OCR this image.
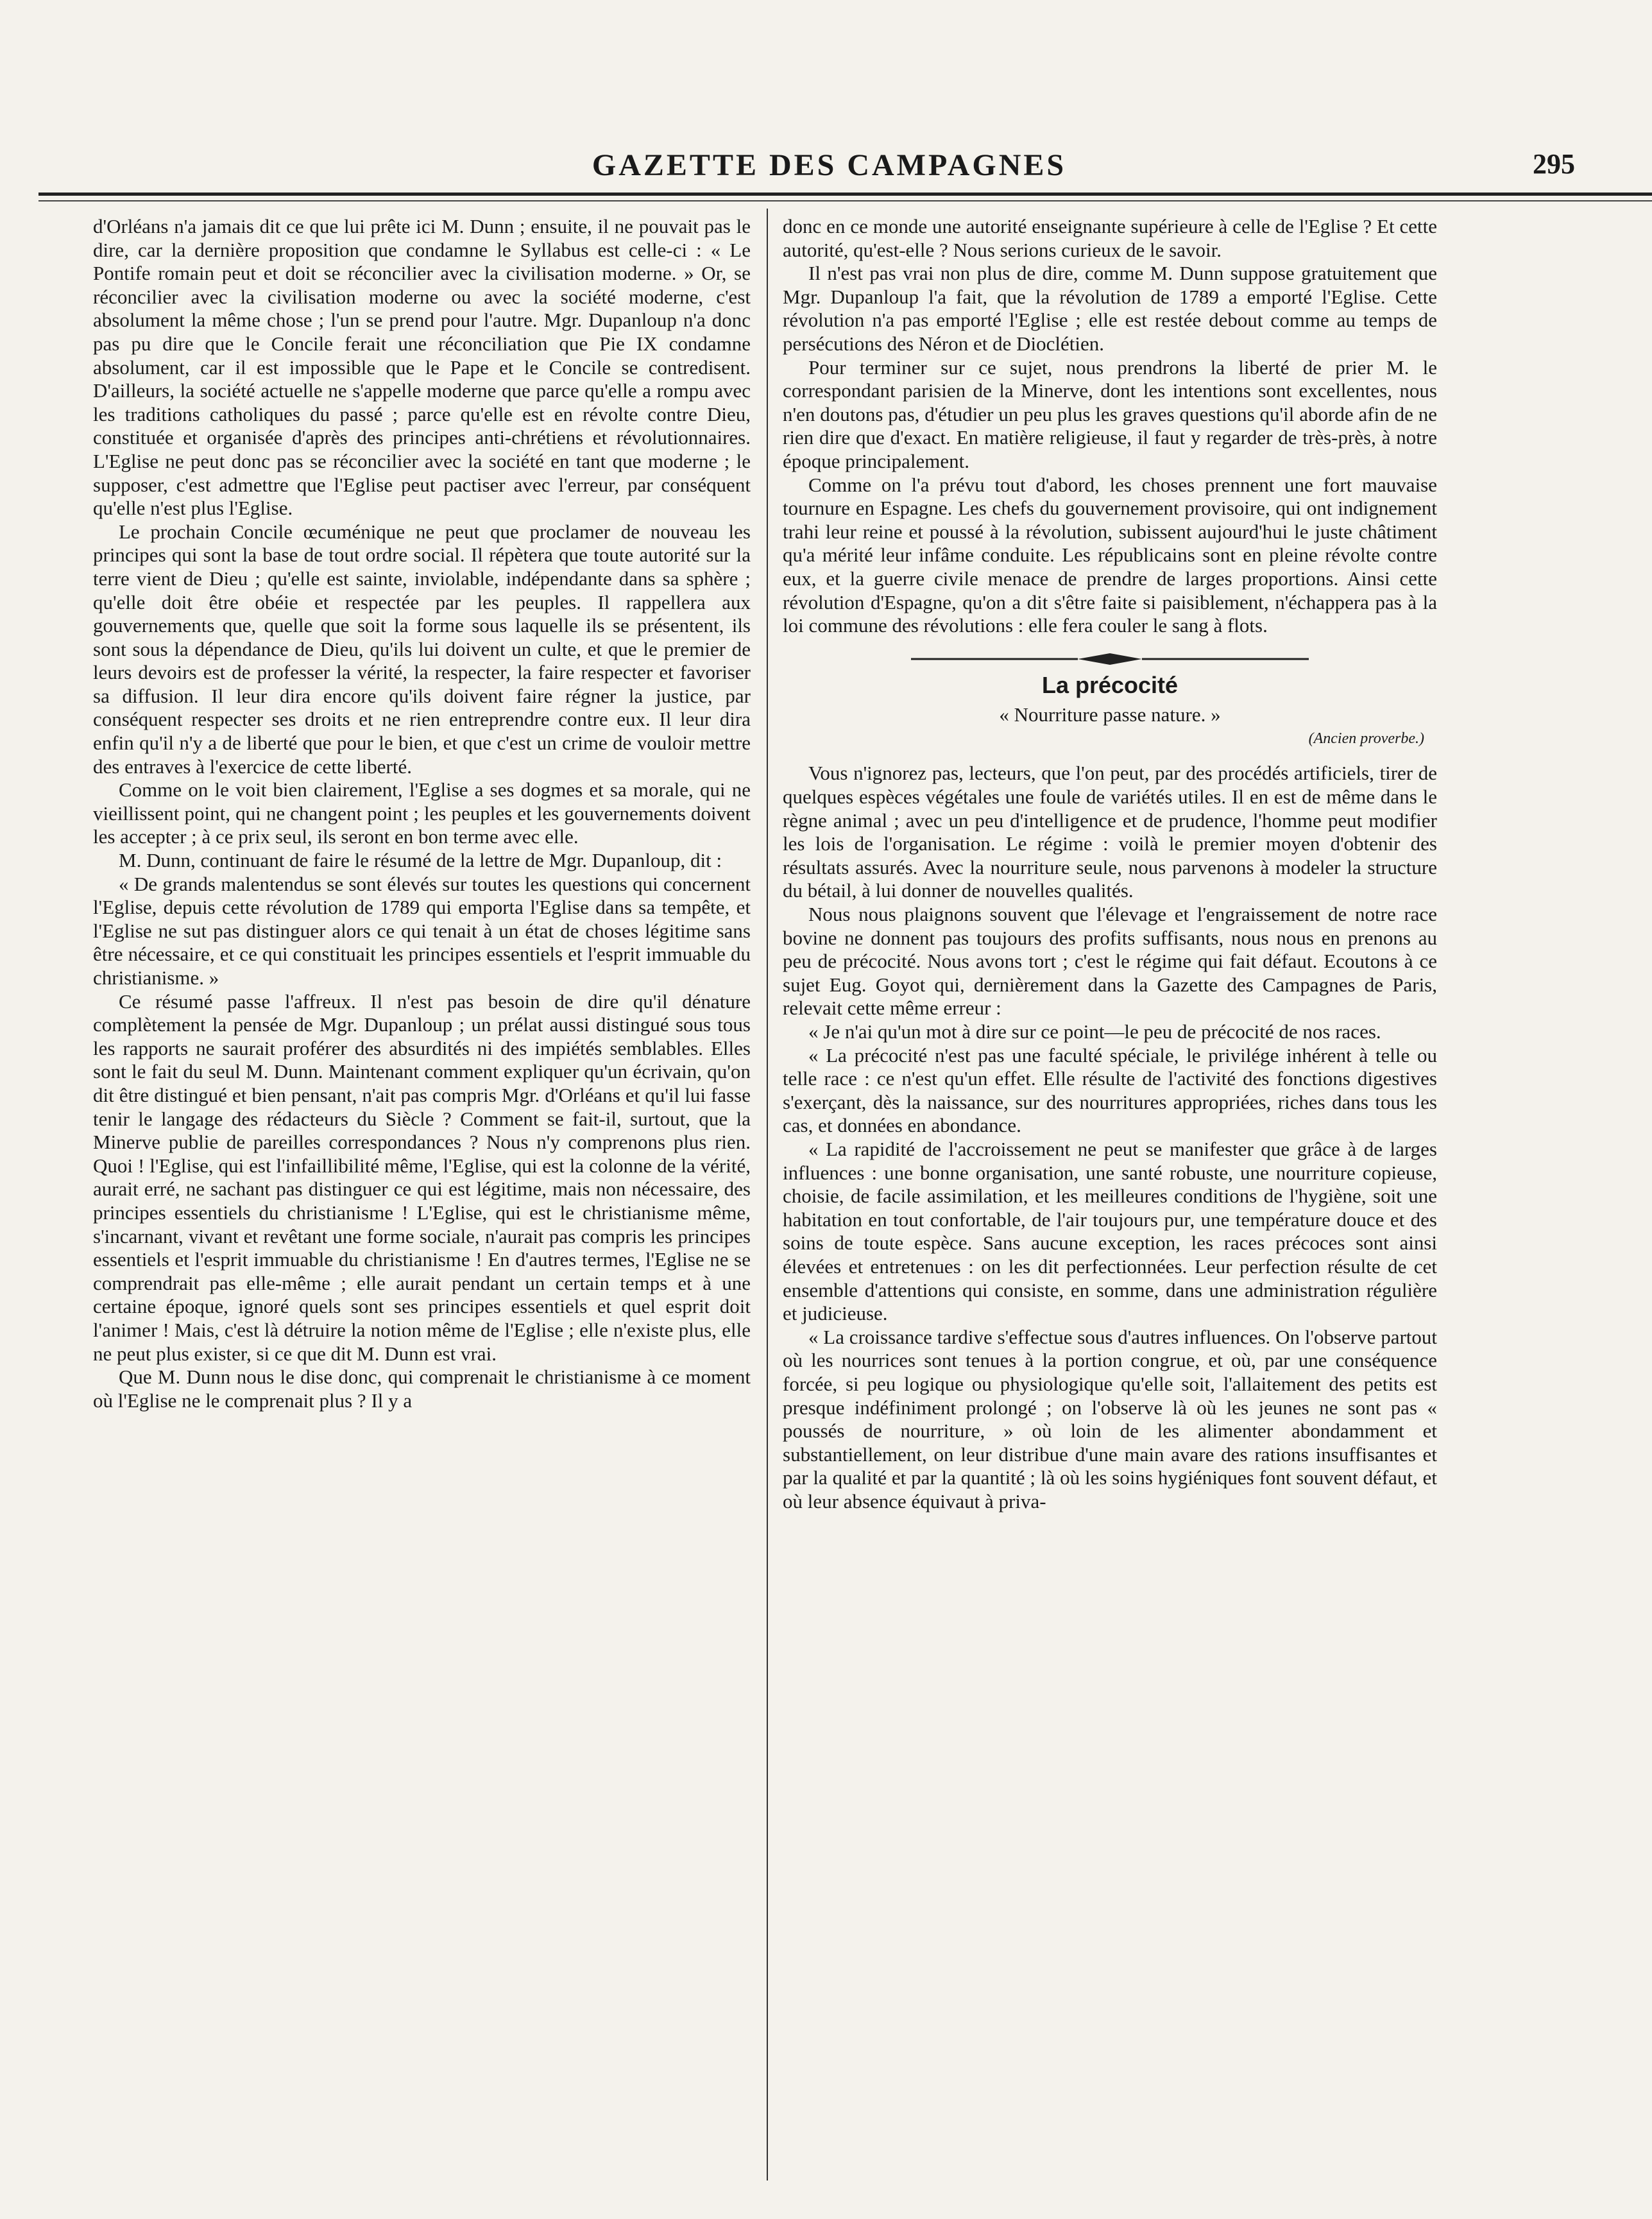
GAZETTE DES CAMPAGNES	295

d'Orléans n'a jamais dit ce que lui prête ici M. Dunn ; ensuite, il ne pouvait pas le dire, car la dernière proposition que condamne le Syllabus est celle-ci : « Le Pontife romain peut et doit se réconcilier avec la civilisation moderne. » Or, se réconcilier avec la civilisation moderne ou avec la société moderne, c'est absolument la même chose ; l'un se prend pour l'autre. Mgr. Dupanloup n'a donc pas pu dire que le Concile ferait une réconciliation que Pie IX condamne absolument, car il est impossible que le Pape et le Concile se contredisent. D'ailleurs, la société actuelle ne s'appelle moderne que parce qu'elle a rompu avec les traditions catholiques du passé ; parce qu'elle est en révolte contre Dieu, constituée et organisée d'après des principes anti-chrétiens et révolutionnaires. L'Eglise ne peut donc pas se réconcilier avec la société en tant que moderne ; le supposer, c'est admettre que l'Eglise peut pactiser avec l'erreur, par conséquent qu'elle n'est plus l'Eglise.

Le prochain Concile œcuménique ne peut que proclamer de nouveau les principes qui sont la base de tout ordre social. Il répètera que toute autorité sur la terre vient de Dieu ; qu'elle est sainte, inviolable, indépendante dans sa sphère ; qu'elle doit être obéie et respectée par les peuples. Il rappellera aux gouvernements que, quelle que soit la forme sous laquelle ils se présentent, ils sont sous la dépendance de Dieu, qu'ils lui doivent un culte, et que le premier de leurs devoirs est de professer la vérité, la respecter, la faire respecter et favoriser sa diffusion. Il leur dira encore qu'ils doivent faire régner la justice, par conséquent respecter ses droits et ne rien entreprendre contre eux. Il leur dira enfin qu'il n'y a de liberté que pour le bien, et que c'est un crime de vouloir mettre des entraves à l'exercice de cette liberté.

Comme on le voit bien clairement, l'Eglise a ses dogmes et sa morale, qui ne vieillissent point, qui ne changent point ; les peuples et les gouvernements doivent les accepter ; à ce prix seul, ils seront en bon terme avec elle.

M. Dunn, continuant de faire le résumé de la lettre de Mgr. Dupanloup, dit :

« De grands malentendus se sont élevés sur toutes les questions qui concernent l'Eglise, depuis cette révolution de 1789 qui emporta l'Eglise dans sa tempête, et l'Eglise ne sut pas distinguer alors ce qui tenait à un état de choses légitime sans être nécessaire, et ce qui constituait les principes essentiels et l'esprit immuable du christianisme. »

Ce résumé passe l'affreux. Il n'est pas besoin de dire qu'il dénature complètement la pensée de Mgr. Dupanloup ; un prélat aussi distingué sous tous les rapports ne saurait proférer des absurdités ni des impiétés semblables. Elles sont le fait du seul M. Dunn. Maintenant comment expliquer qu'un écrivain, qu'on dit être distingué et bien pensant, n'ait pas compris Mgr. d'Orléans et qu'il lui fasse tenir le langage des rédacteurs du Siècle ? Comment se fait-il, surtout, que la Minerve publie de pareilles correspondances ? Nous n'y comprenons plus rien. Quoi ! l'Eglise, qui est l'infaillibilité même, l'Eglise, qui est la colonne de la vérité, aurait erré, ne sachant pas distinguer ce qui est légitime, mais non nécessaire, des principes essentiels du christianisme ! L'Eglise, qui est le christianisme même, s'incarnant, vivant et revêtant une forme sociale, n'aurait pas compris les principes essentiels et l'esprit immuable du christianisme ! En d'autres termes, l'Eglise ne se comprendrait pas elle-même ; elle aurait pendant un certain temps et à une certaine époque, ignoré quels sont ses principes essentiels et quel esprit doit l'animer ! Mais, c'est là détruire la notion même de l'Eglise ; elle n'existe plus, elle ne peut plus exister, si ce que dit M. Dunn est vrai.

Que M. Dunn nous le dise donc, qui comprenait le christianisme à ce moment où l'Eglise ne le comprenait plus ? Il y a

donc en ce monde une autorité enseignante supérieure à celle de l'Eglise ? Et cette autorité, qu'est-elle ? Nous serions curieux de le savoir.

Il n'est pas vrai non plus de dire, comme M. Dunn suppose gratuitement que Mgr. Dupanloup l'a fait, que la révolution de 1789 a emporté l'Eglise. Cette révolution n'a pas emporté l'Eglise ; elle est restée debout comme au temps de persécutions des Néron et de Dioclétien.

Pour terminer sur ce sujet, nous prendrons la liberté de prier M. le correspondant parisien de la Minerve, dont les intentions sont excellentes, nous n'en doutons pas, d'étudier un peu plus les graves questions qu'il aborde afin de ne rien dire que d'exact. En matière religieuse, il faut y regarder de très-près, à notre époque principalement.

Comme on l'a prévu tout d'abord, les choses prennent une fort mauvaise tournure en Espagne. Les chefs du gouvernement provisoire, qui ont indignement trahi leur reine et poussé à la révolution, subissent aujourd'hui le juste châtiment qu'a mérité leur infâme conduite. Les républicains sont en pleine révolte contre eux, et la guerre civile menace de prendre de larges proportions. Ainsi cette révolution d'Espagne, qu'on a dit s'être faite si paisiblement, n'échappera pas à la loi commune des révolutions : elle fera couler le sang à flots.

La précocité
« Nourriture passe nature. »
(Ancien proverbe.)

Vous n'ignorez pas, lecteurs, que l'on peut, par des procédés artificiels, tirer de quelques espèces végétales une foule de variétés utiles. Il en est de même dans le règne animal ; avec un peu d'intelligence et de prudence, l'homme peut modifier les lois de l'organisation. Le régime : voilà le premier moyen d'obtenir des résultats assurés. Avec la nourriture seule, nous parvenons à modeler la structure du bétail, à lui donner de nouvelles qualités.

Nous nous plaignons souvent que l'élevage et l'engraissement de notre race bovine ne donnent pas toujours des profits suffisants, nous nous en prenons au peu de précocité. Nous avons tort ; c'est le régime qui fait défaut. Ecoutons à ce sujet Eug. Goyot qui, dernièrement dans la Gazette des Campagnes de Paris, relevait cette même erreur :

« Je n'ai qu'un mot à dire sur ce point—le peu de précocité de nos races.

« La précocité n'est pas une faculté spéciale, le privilége inhérent à telle ou telle race : ce n'est qu'un effet. Elle résulte de l'activité des fonctions digestives s'exerçant, dès la naissance, sur des nourritures appropriées, riches dans tous les cas, et données en abondance.

« La rapidité de l'accroissement ne peut se manifester que grâce à de larges influences : une bonne organisation, une santé robuste, une nourriture copieuse, choisie, de facile assimilation, et les meilleures conditions de l'hygiène, soit une habitation en tout confortable, de l'air toujours pur, une température douce et des soins de toute espèce. Sans aucune exception, les races précoces sont ainsi élevées et entretenues : on les dit perfectionnées. Leur perfection résulte de cet ensemble d'attentions qui consiste, en somme, dans une administration régulière et judicieuse.

« La croissance tardive s'effectue sous d'autres influences. On l'observe partout où les nourrices sont tenues à la portion congrue, et où, par une conséquence forcée, si peu logique ou physiologique qu'elle soit, l'allaitement des petits est presque indéfiniment prolongé ; on l'observe là où les jeunes ne sont pas « poussés de nourriture, » où loin de les alimenter abondamment et substantiellement, on leur distribue d'une main avare des rations insuffisantes et par la qualité et par la quantité ; là où les soins hygiéniques font souvent défaut, et où leur absence équivaut à priva-
